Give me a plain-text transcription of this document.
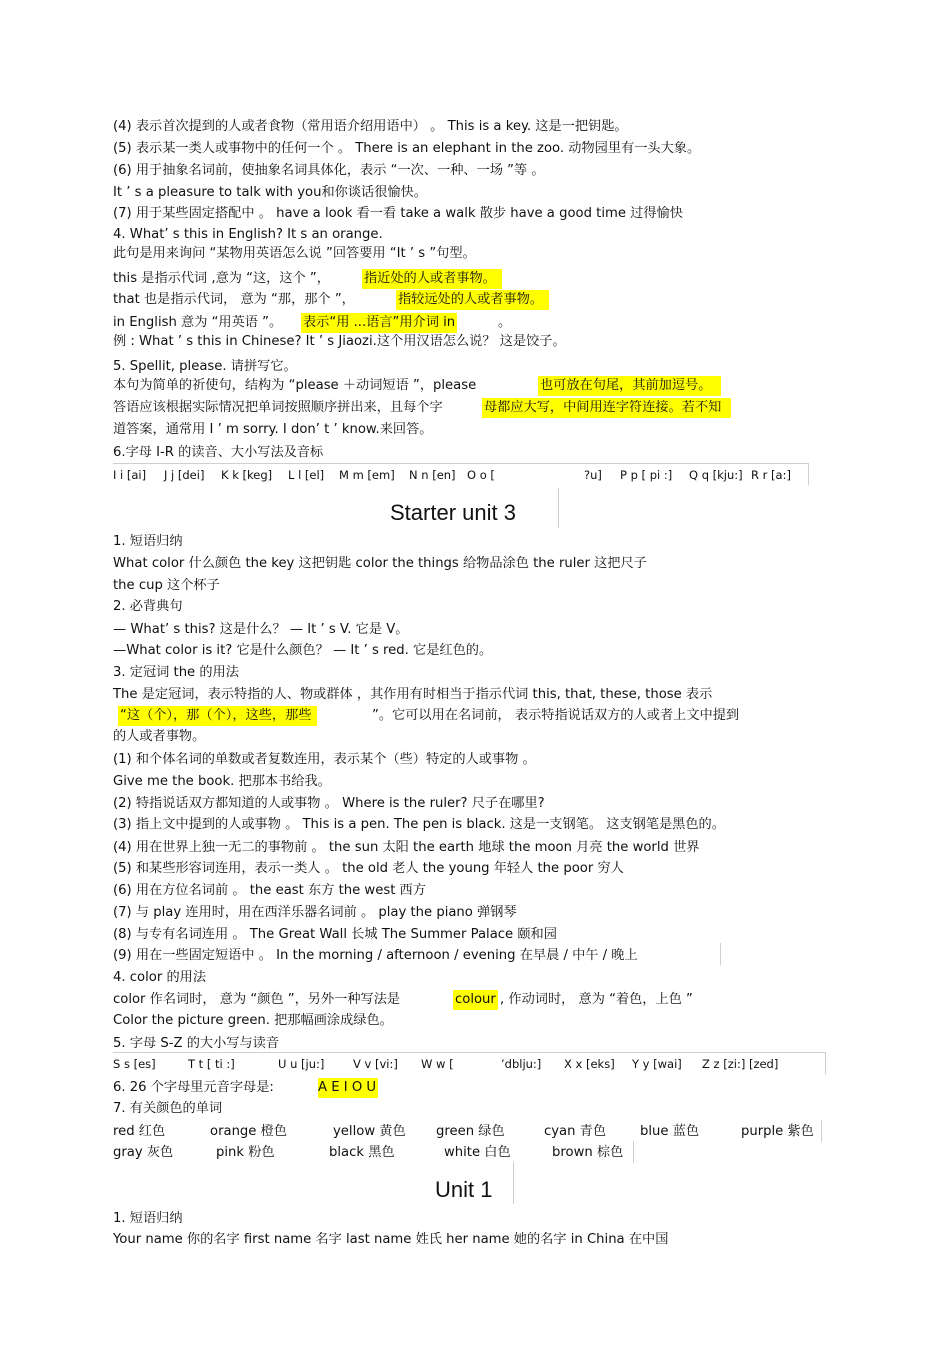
(4) 表示首次提到的人或者食物（常用语介绍用语中） 。 This is a key. 这是一把钥匙。
(5) 表示某一类人或事物中的任何一个 。 There is an elephant in the zoo. 动物园里有一头大象。
(6) 用于抽象名词前，使抽象名词具体化，表示 “一次、一种、一场 ”等 。
It ’ s a pleasure to talk with you和你谈话很愉快。
(7) 用于某些固定搭配中 。 have a look 看一看 take a walk 散步 have a good time 过得愉快
4. What’ s this in English? It s an orange.
此句是用来询问 “某物用英语怎么说 ”回答要用 “It ’ s ”句型。
this 是指示代词 ,意为 “这，这个 ”，	指近处的人或者事物。
that 也是指示代词， 意为 “那，那个 ”，	指较远处的人或者事物。
in English 意为 “用英语 ”。 表示“用 ...语言”用介词 in	。
例 : What ’ s this in Chinese? It ’ s Jiaozi.这个用汉语怎么说？ 这是饺子。
5. Spellit, please. 请拼写它。
本句为简单的祈使句，结构为 “please ＋动词短语 ”，please	也可放在句尾，其前加逗号。
答语应该根据实际情况把单词按照顺序拼出来，且每个字	母都应大写，中间用连字符连接。若不知
道答案，通常用 I ’ m sorry. I don’ t ’ know.来回答。
6.字母 I-R 的读音、大小写法及音标
I i [ai] J j [dei] K k [keg] L l [el] M m [em] N n [en] O o [	?u] P p [ pi :] Q q [kju:] R r [a:]
Starter unit 3
1. 短语归纳
What color 什么颜色 the key 这把钥匙 color the things 给物品涂色 the ruler 这把尺子
the cup 这个杯子
2. 必背典句
— What’ s this? 这是什么？ — It ’ s V. 它是 V。
—What color is it? 它是什么颜色？ — It ’ s red. 它是红色的。
3. 定冠词 the 的用法
The 是定冠词，表示特指的人、物或群体 ，其作用有时相当于指示代词 this, that, these, those 表示
“这（个），那（个），这些，那些	”。它可以用在名词前， 表示特指说话双方的人或者上文中提到
的人或者事物。
(1) 和个体名词的单数或者复数连用，表示某个（些）特定的人或事物 。
Give me the book. 把那本书给我。
(2) 特指说话双方都知道的人或事物 。 Where is the ruler? 尺子在哪里?
(3) 指上文中提到的人或事物 。 This is a pen. The pen is black. 这是一支钢笔。 这支钢笔是黑色的。
(4) 用在世界上独一无二的事物前 。 the sun 太阳 the earth 地球 the moon 月亮 the world 世界
(5) 和某些形容词连用，表示一类人 。 the old 老人 the young 年轻人 the poor 穷人
(6) 用在方位名词前 。 the east 东方 the west 西方
(7) 与 play 连用时，用在西洋乐器名词前 。 play the piano 弹钢琴
(8) 与专有名词连用 。 The Great Wall 长城 The Summer Palace 颐和园
(9) 用在一些固定短语中 。 In the morning / afternoon / evening 在早晨 / 中午 / 晚上
4. color 的用法
color 作名词时， 意为 “颜色 ”，另外一种写法是	colour , 作动词时， 意为 “着色，上色 ”
Color the picture green. 把那幅画涂成绿色。
5. 字母 S-Z 的大小写与读音
S s [es]	T t [ ti :]	U u [ju:] V v [vi:] W w [	’dblju:] X x [eks] Y y [wai] Z z [zi:] [zed]
6. 26 个字母里元音字母是:	A E I O U
7. 有关颜色的单词
red 红色	orange 橙色	yellow 黄色 green 绿色	cyan 青色	blue 蓝色	purple 紫色
gray 灰色	pink 粉色	black 黑色	white 白色	brown 棕色
Unit 1
1. 短语归纳
Your name 你的名字 first name 名字 last name 姓氏 her name 她的名字 in China 在中国
